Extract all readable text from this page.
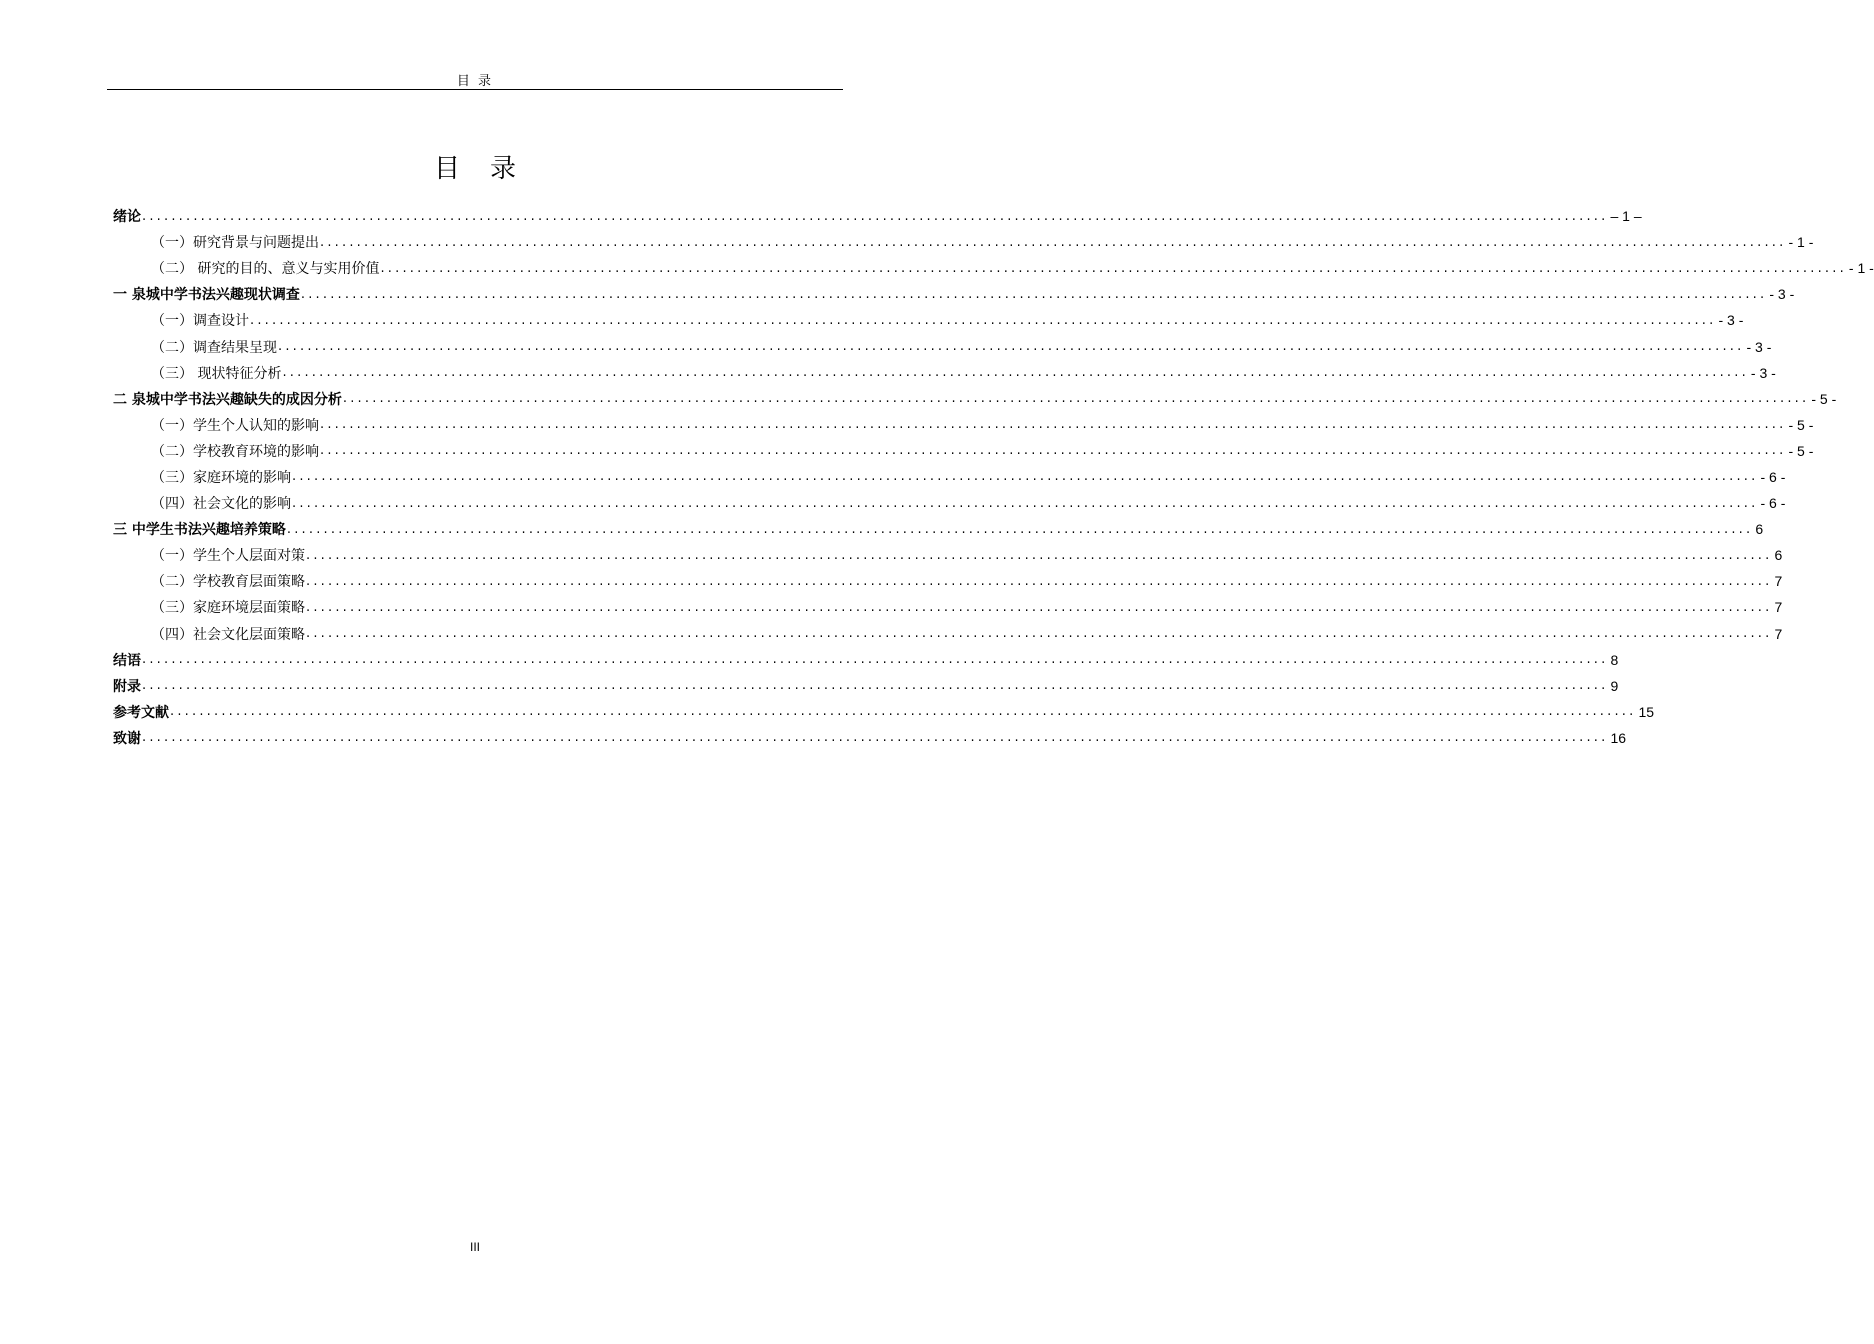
目 录
目 录
绪论 ........................................................................................................................................................................................................ – 1 –
（一）研究背景与问题提出 ........................................................................................................................................................................................................ - 1 -
（二） 研究的目的、意义与实用价值 ........................................................................................................................................................................................................ - 1 -
一 泉城中学书法兴趣现状调查 ........................................................................................................................................................................................................ - 3 -
（一）调查设计 ........................................................................................................................................................................................................ - 3 -
（二）调查结果呈现 ........................................................................................................................................................................................................ - 3 -
（三） 现状特征分析 ........................................................................................................................................................................................................ - 3 -
二 泉城中学书法兴趣缺失的成因分析 ........................................................................................................................................................................................................ - 5 -
（一）学生个人认知的影响 ........................................................................................................................................................................................................ - 5 -
（二）学校教育环境的影响 ........................................................................................................................................................................................................ - 5 -
（三）家庭环境的影响 ........................................................................................................................................................................................................ - 6 -
（四）社会文化的影响 ........................................................................................................................................................................................................ - 6 -
三 中学生书法兴趣培养策略 ........................................................................................................................................................................................................ 6
（一）学生个人层面对策 ........................................................................................................................................................................................................ 6
（二）学校教育层面策略 ........................................................................................................................................................................................................ 7
（三）家庭环境层面策略 ........................................................................................................................................................................................................ 7
（四）社会文化层面策略 ........................................................................................................................................................................................................ 7
结语 ........................................................................................................................................................................................................ 8
附录 ........................................................................................................................................................................................................ 9
参考文献 ........................................................................................................................................................................................................ 15
致谢 ........................................................................................................................................................................................................ 16
III
